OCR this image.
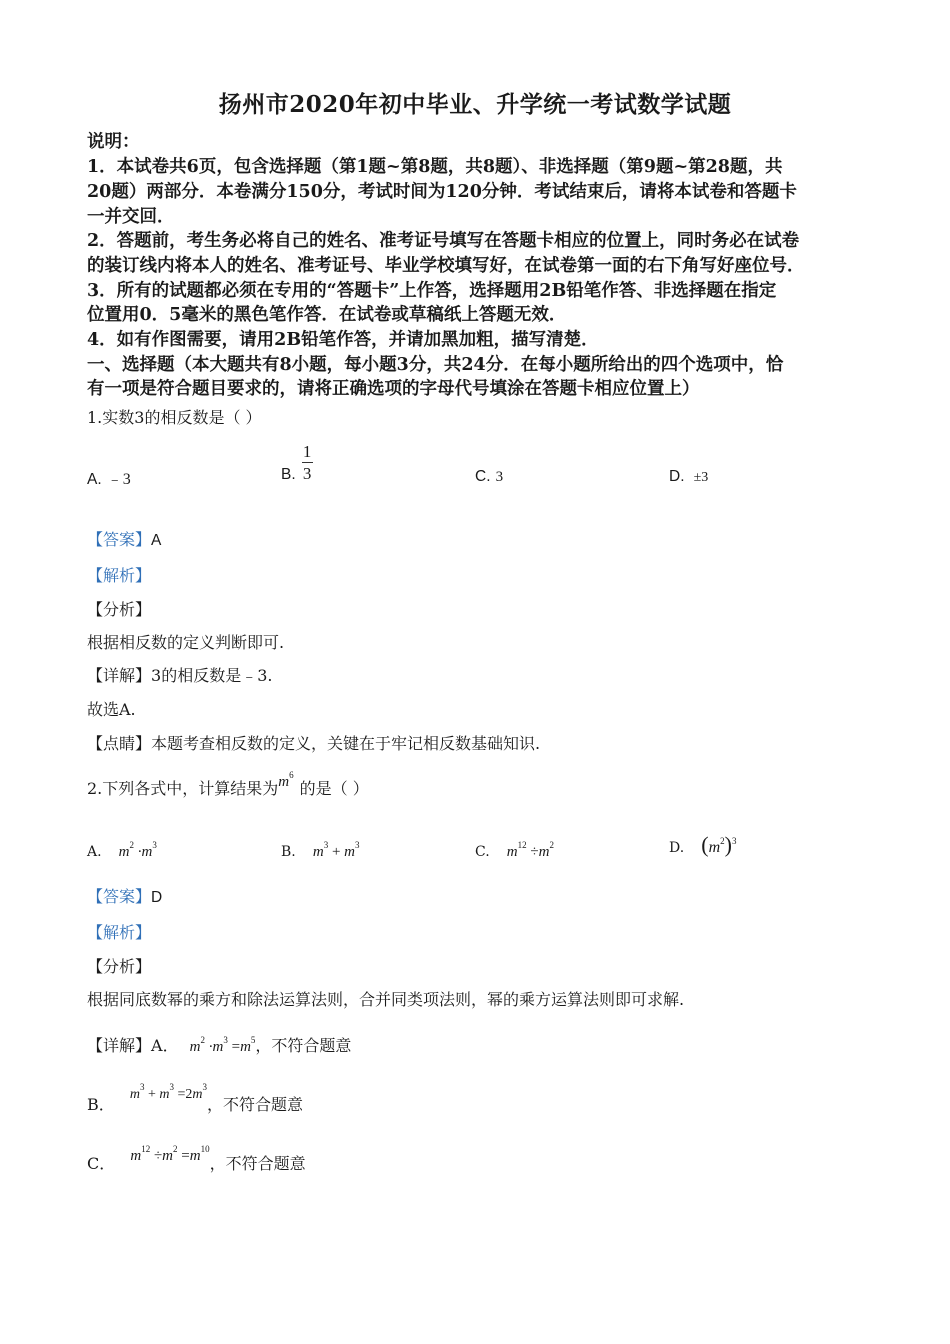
扬州市2020年初中毕业、升学统一考试数学试题
说明：
1．本试卷共6页，包含选择题（第1题~第8题，共8题）、非选择题（第9题~第28题，共
20题）两部分．本卷满分150分，考试时间为120分钟．考试结束后，请将本试卷和答题卡
一并交回．
2．答题前，考生务必将自己的姓名、准考证号填写在答题卡相应的位置上，同时务必在试卷
的装订线内将本人的姓名、准考证号、毕业学校填写好，在试卷第一面的右下角写好座位号．
3．所有的试题都必须在专用的“答题卡”上作答，选择题用2B铅笔作答、非选择题在指定
位置用0．5毫米的黑色笔作答．在试卷或草稿纸上答题无效．
4．如有作图需要，请用2B铅笔作答，并请加黑加粗，描写清楚．
一、选择题（本大题共有8小题，每小题3分，共24分．在每小题所给出的四个选项中，恰
有一项是符合题目要求的，请将正确选项的字母代号填涂在答题卡相应位置上）
1.实数3的相反数是（ ）
A. ﹣3	B. $\frac{1}{3}$	C. 3	D. ±3
【答案】A
【解析】
【分析】
根据相反数的定义判断即可.
【详解】3的相反数是﹣3.
故选A.
【点睛】本题考查相反数的定义，关键在于牢记相反数基础知识.
2.下列各式中，计算结果为$m^6$的是（ ）
A. $m^2 \cdot m^3$	B. $m^3 + m^3$	C. $m^{12} \div m^2$	D. $(m^2)^3$
【答案】D
【解析】
【分析】
根据同底数幂的乘方和除法运算法则，合并同类项法则，幂的乘方运算法则即可求解.
【详解】A． $m^2 \cdot m^3 =m^5$，不符合题意
B． $m^3 + m^3 =2m^3$，不符合题意
C． $m^{12} \div m^2 =m^{10}$，不符合题意
